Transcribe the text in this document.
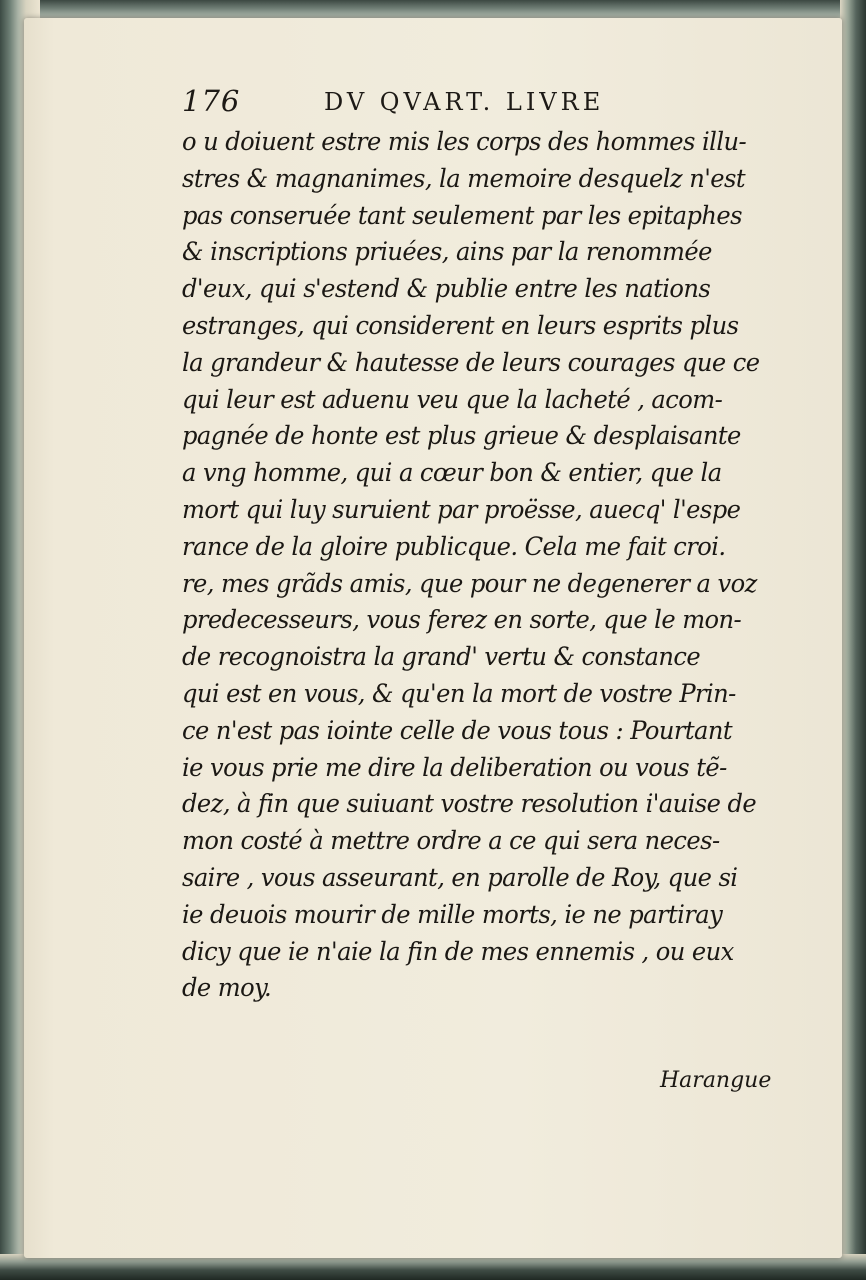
176	DV QVART. LIVRE
o u doiuent estre mis les corps des hommes illu-
stres & magnanimes, la memoire desquelz n'est
pas conseruée tant seulement par les epitaphes
& inscriptions priuées, ains par la renommée
d'eux, qui s'estend & publie entre les nations
estranges, qui considerent en leurs esprits plus
la grandeur & hautesse de leurs courages que ce
qui leur est aduenu veu que la lacheté , acom-
pagnée de honte est plus grieue & desplaisante
a vng homme, qui a cœur bon & entier, que la
mort qui luy suruient par proësse, auecq' l'espe
rance de la gloire publicque. Cela me fait croi.
re, mes grãds amis, que pour ne degenerer a voz
predecesseurs, vous ferez en sorte, que le mon-
de recognoistra la grand' vertu & constance
qui est en vous, & qu'en la mort de vostre Prin-
ce n'est pas iointe celle de vous tous : Pourtant
ie vous prie me dire la deliberation ou vous tẽ-
dez, à fin que suiuant vostre resolution i'auise de
mon costé à mettre ordre a ce qui sera neces-
saire , vous asseurant, en parolle de Roy, que si
ie deuois mourir de mille morts, ie ne partiray
dicy que ie n'aie la fin de mes ennemis , ou eux
de moy.
Harangue
